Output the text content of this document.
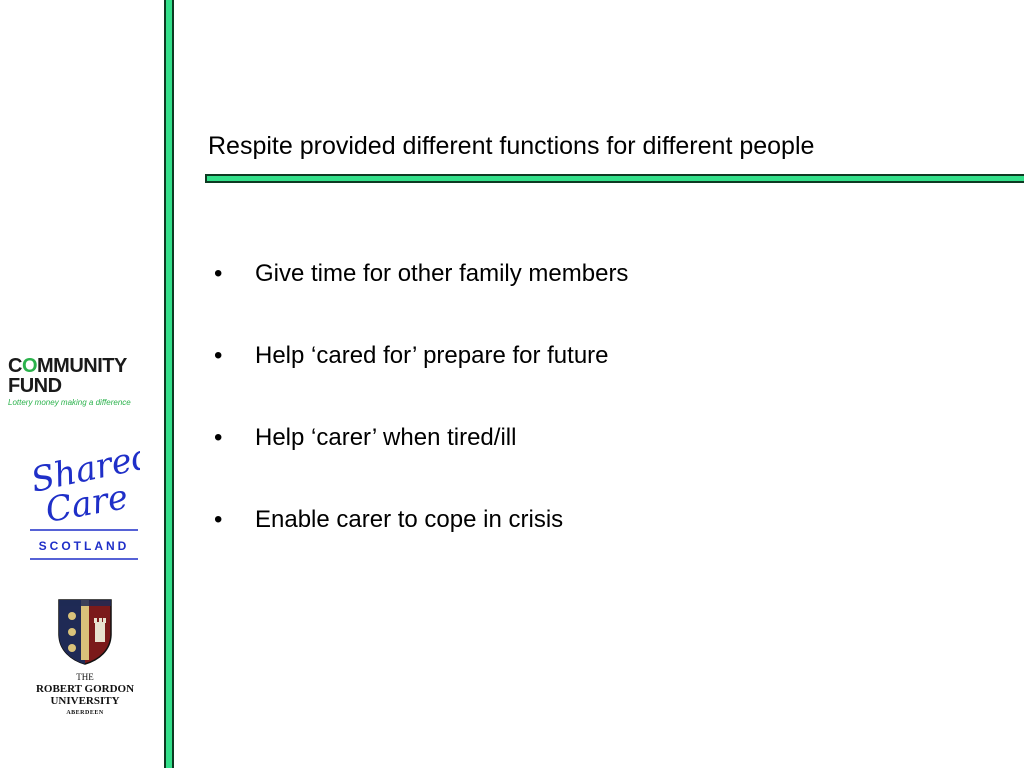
Respite provided different functions for different people
• Give time for other family members
• Help ‘cared for’ prepare for future
• Help ‘carer’ when tired/ill
• Enable carer to cope in crisis
COMMUNITY
FUND
Lottery money making a difference
Shared
Care
SCOTLAND
THE
ROBERT GORDON
UNIVERSITY
ABERDEEN
